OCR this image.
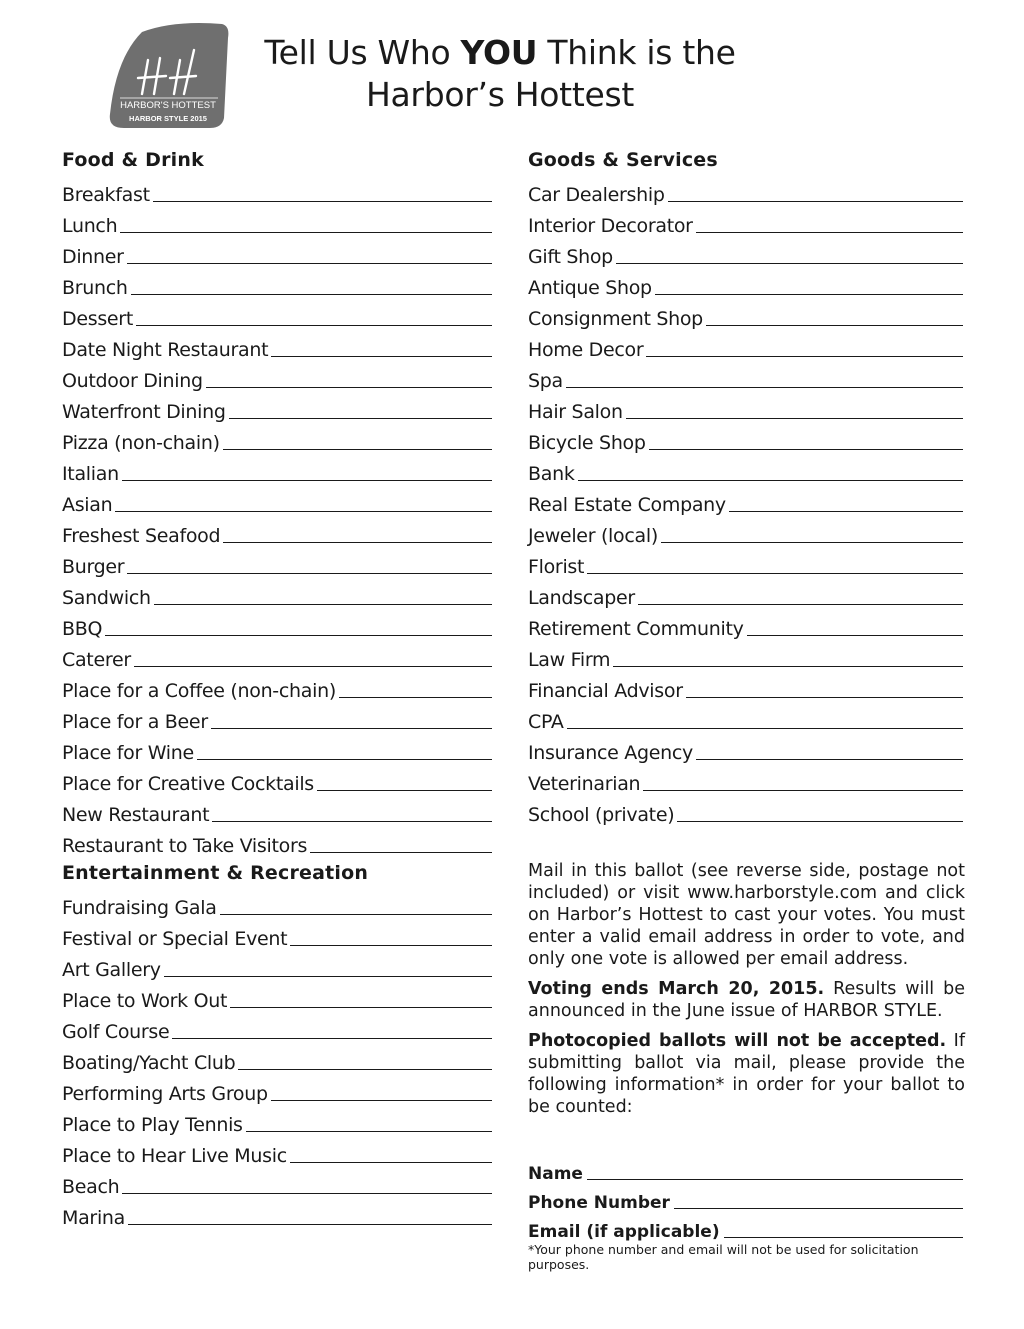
HARBOR'S HOTTEST
HARBOR STYLE 2015
Tell Us Who YOU Think is the
Harbor’s Hottest
Food & Drink
Breakfast
Lunch
Dinner
Brunch
Dessert
Date Night Restaurant
Outdoor Dining
Waterfront Dining
Pizza (non-chain)
Italian
Asian
Freshest Seafood
Burger
Sandwich
BBQ
Caterer
Place for a Coffee (non-chain)
Place for a Beer
Place for Wine
Place for Creative Cocktails
New Restaurant
Restaurant to Take Visitors
Entertainment & Recreation
Fundraising Gala
Festival or Special Event
Art Gallery
Place to Work Out
Golf Course
Boating/Yacht Club
Performing Arts Group
Place to Play Tennis
Place to Hear Live Music
Beach
Marina
Goods & Services
Car Dealership
Interior Decorator
Gift Shop
Antique Shop
Consignment Shop
Home Decor
Spa
Hair Salon
Bicycle Shop
Bank
Real Estate Company
Jeweler (local)
Florist
Landscaper
Retirement Community
Law Firm
Financial Advisor
CPA
Insurance Agency
Veterinarian
School (private)

Mail in this ballot (see reverse side, postage not included) or visit www.harborstyle.com and click on Harbor’s Hottest to cast your votes. You must enter a valid email address in order to vote, and only one vote is allowed per email address.

Voting ends March 20, 2015. Results will be announced in the June issue of HARBOR STYLE.

Photocopied ballots will not be accepted. If submitting ballot via mail, please provide the following information* in order for your ballot to be counted:

Name
Phone Number
Email (if applicable)
*Your phone number and email will not be used for solicitation purposes.
